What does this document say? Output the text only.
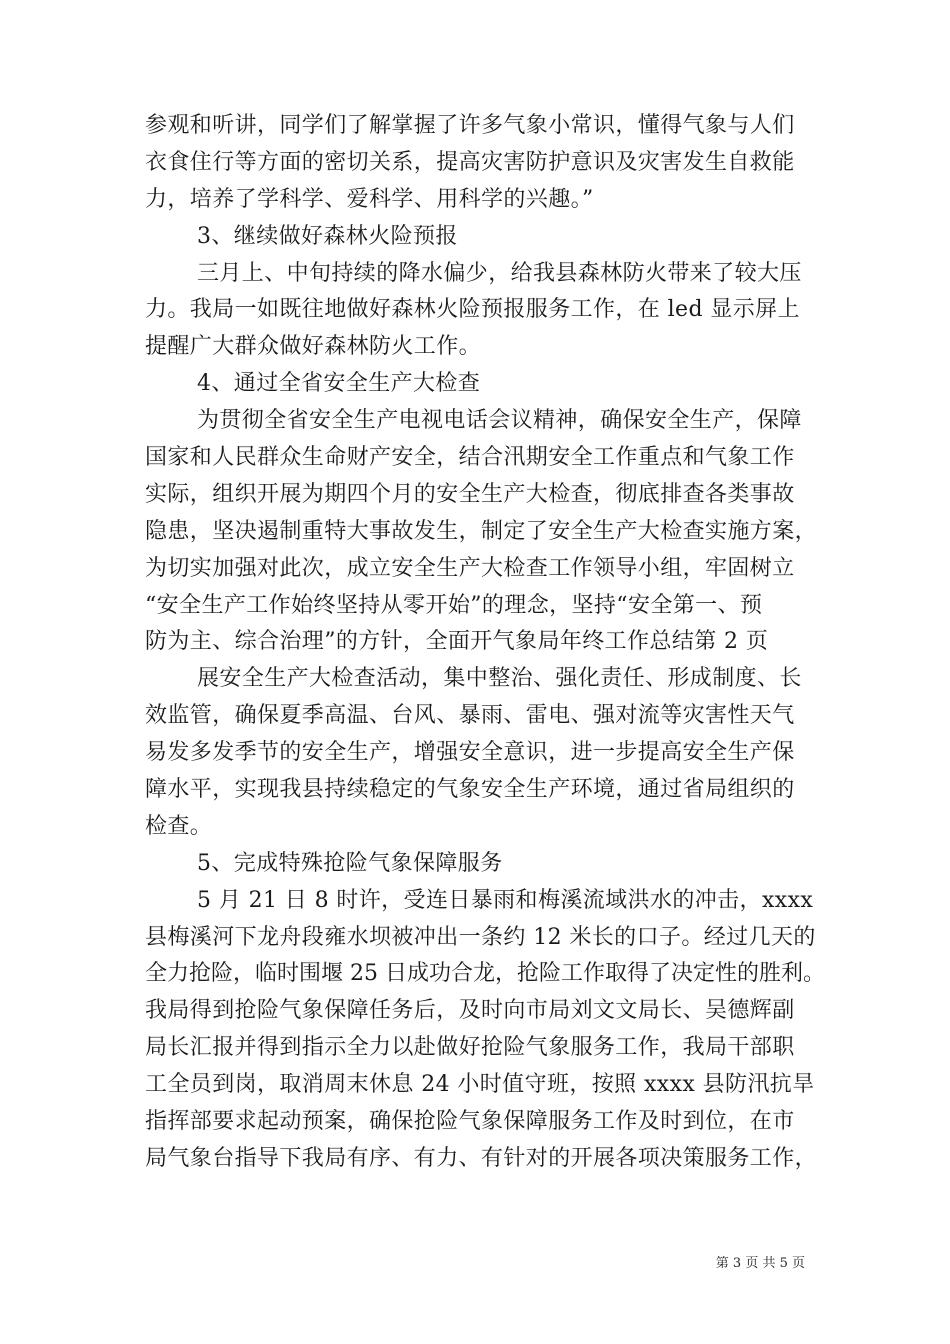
参观和听讲，同学们了解掌握了许多气象小常识，懂得气象与人们
衣食住行等方面的密切关系，提高灾害防护意识及灾害发生自救能
力，培养了学科学、爱科学、用科学的兴趣。”
3、继续做好森林火险预报
三月上、中旬持续的降水偏少，给我县森林防火带来了较大压
力。我局一如既往地做好森林火险预报服务工作，在 led 显示屏上
提醒广大群众做好森林防火工作。
4、通过全省安全生产大检查
为贯彻全省安全生产电视电话会议精神，确保安全生产，保障
国家和人民群众生命财产安全，结合汛期安全工作重点和气象工作
实际，组织开展为期四个月的安全生产大检查，彻底排查各类事故
隐患，坚决遏制重特大事故发生，制定了安全生产大检查实施方案，
为切实加强对此次，成立安全生产大检查工作领导小组，牢固树立
“安全生产工作始终坚持从零开始”的理念，坚持“安全第一、预
防为主、综合治理”的方针，全面开气象局年终工作总结第 2 页
展安全生产大检查活动，集中整治、强化责任、形成制度、长
效监管，确保夏季高温、台风、暴雨、雷电、强对流等灾害性天气
易发多发季节的安全生产，增强安全意识，进一步提高安全生产保
障水平，实现我县持续稳定的气象安全生产环境，通过省局组织的
检查。
5、完成特殊抢险气象保障服务
5 月 21 日 8 时许，受连日暴雨和梅溪流域洪水的冲击，xxxx
县梅溪河下龙舟段雍水坝被冲出一条约 12 米长的口子。经过几天的
全力抢险，临时围堰 25 日成功合龙，抢险工作取得了决定性的胜利。
我局得到抢险气象保障任务后，及时向市局刘文文局长、吴德辉副
局长汇报并得到指示全力以赴做好抢险气象服务工作，我局干部职
工全员到岗，取消周末休息 24 小时值守班，按照 xxxx 县防汛抗旱
指挥部要求起动预案，确保抢险气象保障服务工作及时到位，在市
局气象台指导下我局有序、有力、有针对的开展各项决策服务工作，
第 3 页 共 5 页
